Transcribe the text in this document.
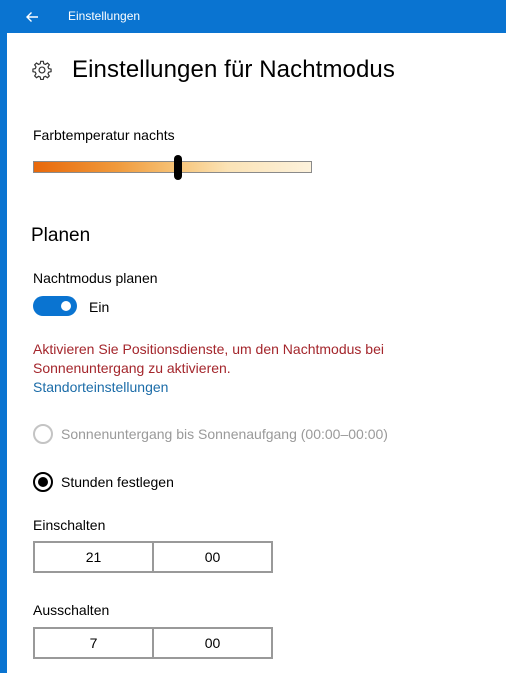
Einstellungen
Einstellungen für Nachtmodus
Farbtemperatur nachts
Planen
Nachtmodus planen
Ein
Aktivieren Sie Positionsdienste, um den Nachtmodus bei Sonnenuntergang zu aktivieren.
Standorteinstellungen
Sonnenuntergang bis Sonnenaufgang (00:00–00:00)
Stunden festlegen
Einschalten
21	00
Ausschalten
7	00
